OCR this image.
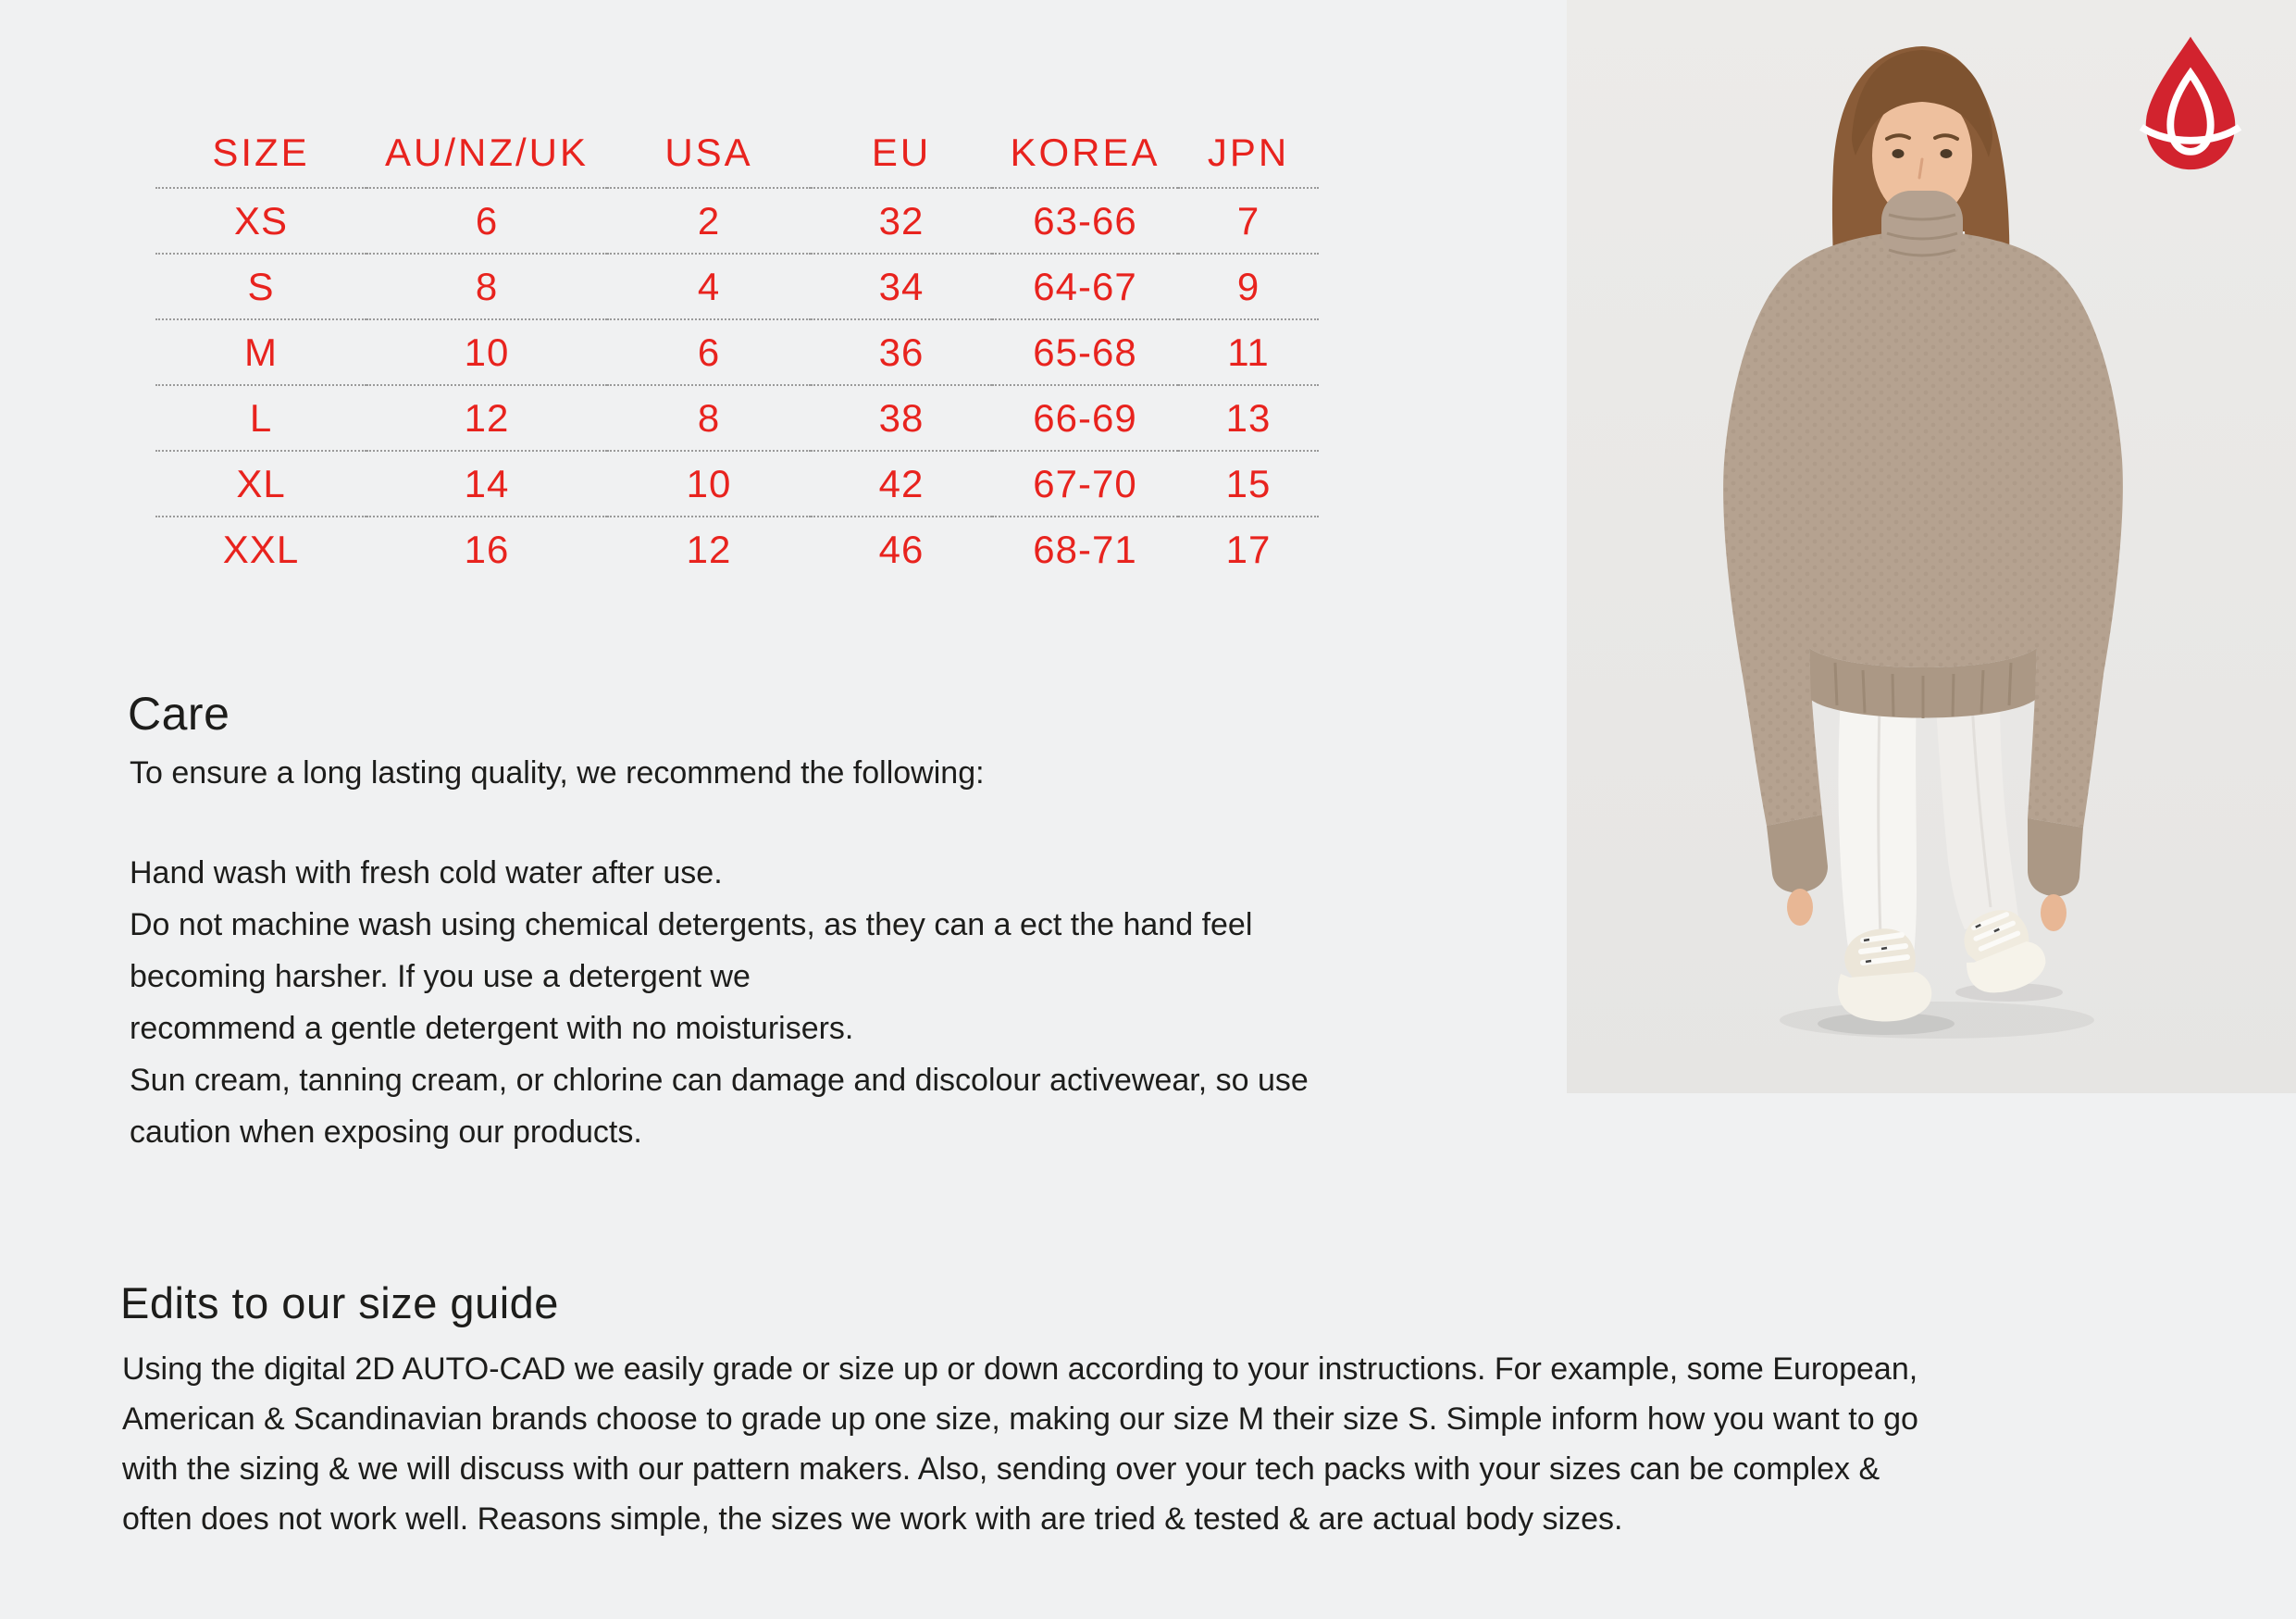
SIZE	AU/NZ/UK	USA	EU	KOREA	JPN
XS	6	2	32	63-66	7
S	8	4	34	64-67	9
M	10	6	36	65-68	11
L	12	8	38	66-69	13
XL	14	10	42	67-70	15
XXL	16	12	46	68-71	17
Care
To ensure a long lasting quality, we recommend the following:
Hand wash with fresh cold water after use.
Do not machine wash using chemical detergents, as they can a ect the hand feel
becoming harsher. If you use a detergent we
recommend a gentle detergent with no moisturisers.
Sun cream, tanning cream, or chlorine can damage and discolour activewear, so use
caution when exposing our products.
Edits to our size guide
Using the digital 2D AUTO-CAD we easily grade or size up or down according to your instructions. For example, some European,
American & Scandinavian brands choose to grade up one size, making our size M their size S. Simple inform how you want to go
with the sizing & we will discuss with our pattern makers. Also, sending over your tech packs with your sizes can be complex &
often does not work well. Reasons simple, the sizes we work with are tried & tested & are actual body sizes.
